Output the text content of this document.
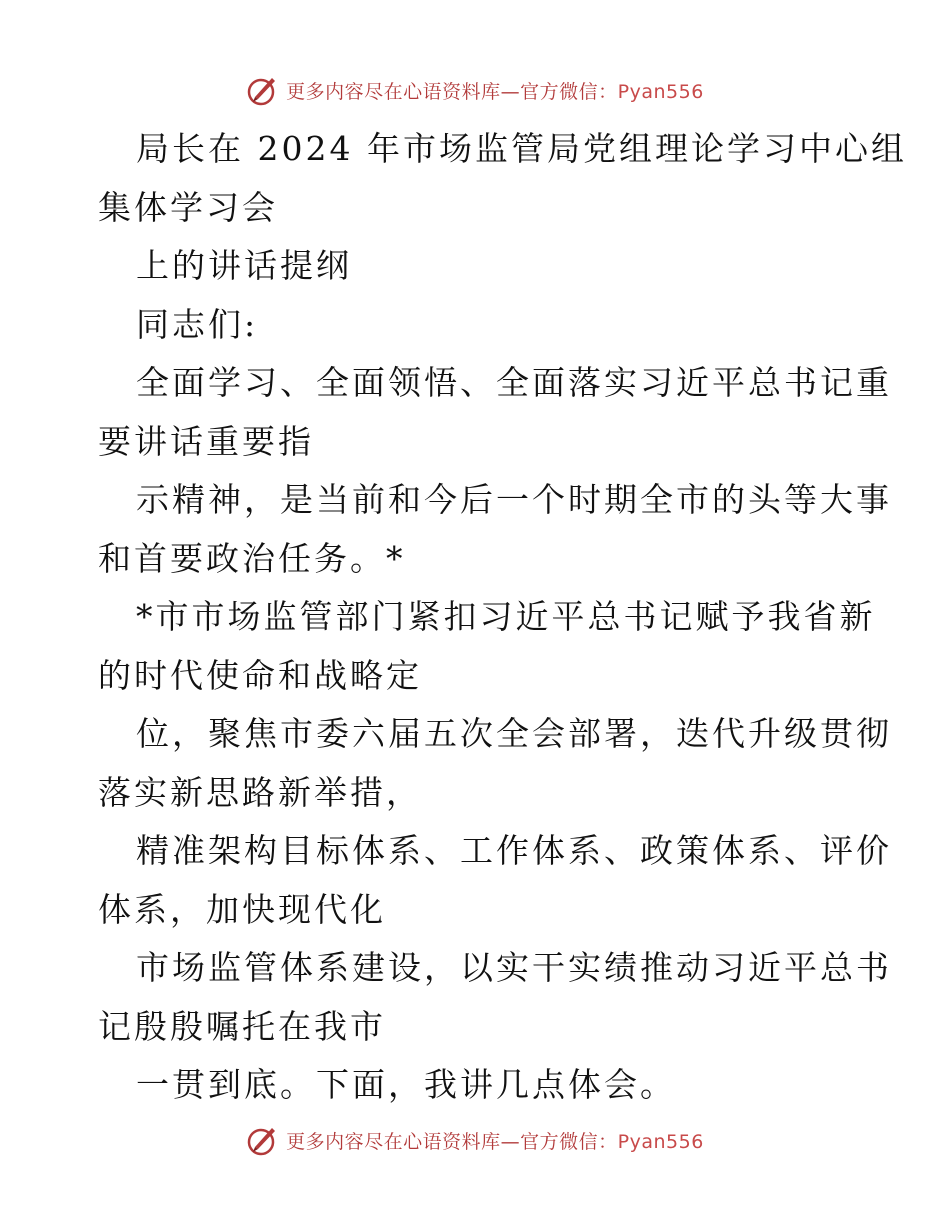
更多内容尽在心语资料库—官方微信：Pyan556

局长在 2024 年市场监管局党组理论学习中心组

集体学习会

上的讲话提纲

同志们:

全面学习、全面领悟、全面落实习近平总书记重

要讲话重要指

示精神，是当前和今后一个时期全市的头等大事

和首要政治任务。*

*市市场监管部门紧扣习近平总书记赋予我省新

的时代使命和战略定

位，聚焦市委六届五次全会部署，迭代升级贯彻

落实新思路新举措，

精准架构目标体系、工作体系、政策体系、评价

体系，加快现代化

市场监管体系建设，以实干实绩推动习近平总书

记殷殷嘱托在我市

一贯到底。下面，我讲几点体会。

更多内容尽在心语资料库—官方微信：Pyan556
